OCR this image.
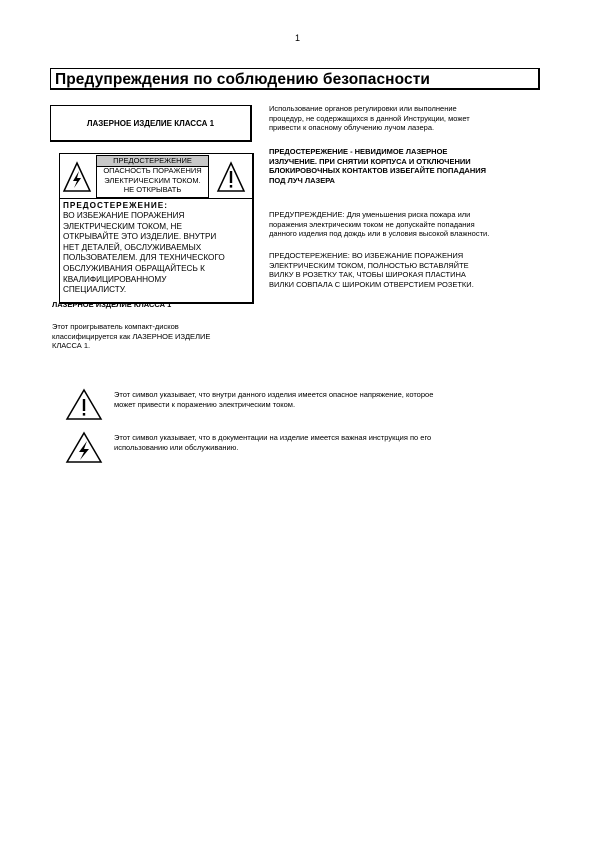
1
Предупреждения по соблюдению безопасности
ЛАЗЕРНОЕ ИЗДЕЛИЕ КЛАССА 1
ПРЕДОСТЕРЕЖЕНИЕ
ОПАСНОСТЬ ПОРАЖЕНИЯ
ЭЛЕКТРИЧЕСКИМ ТОКОМ.
НЕ ОТКРЫВАТЬ
ПРЕДОСТЕРЕЖЕНИЕ:
ВО ИЗБЕЖАНИЕ ПОРАЖЕНИЯ
ЭЛЕКТРИЧЕСКИМ ТОКОМ, НЕ
ОТКРЫВАЙТЕ ЭТО ИЗДЕЛИЕ. ВНУТРИ
НЕТ ДЕТАЛЕЙ, ОБСЛУЖИВАЕМЫХ
ПОЛЬЗОВАТЕЛЕМ. ДЛЯ ТЕХНИЧЕСКОГО
ОБСЛУЖИВАНИЯ ОБРАЩАЙТЕСЬ К
КВАЛИФИЦИРОВАННОМУ
СПЕЦИАЛИСТУ.
ЛАЗЕРНОЕ ИЗДЕЛИЕ КЛАССА 1
Этот проигрыватель компакт-дисков
классифицируется как ЛАЗЕРНОЕ ИЗДЕЛИЕ
КЛАССА 1.
Использование органов регулировки или выполнение
процедур, не содержащихся в данной Инструкции, может
привести к опасному облучению лучом лазера.
ПРЕДОСТЕРЕЖЕНИЕ - НЕВИДИМОЕ ЛАЗЕРНОЕ
ИЗЛУЧЕНИЕ. ПРИ СНЯТИИ КОРПУСА И ОТКЛЮЧЕНИИ
БЛОКИРОВОЧНЫХ КОНТАКТОВ ИЗБЕГАЙТЕ ПОПАДАНИЯ
ПОД ЛУЧ ЛАЗЕРА
ПРЕДУПРЕЖДЕНИЕ: Для уменьшения риска пожара или
поражения электрическим током не допускайте попадания
данного изделия под дождь или в условия высокой влажности.
ПРЕДОСТЕРЕЖЕНИЕ: ВО ИЗБЕЖАНИЕ ПОРАЖЕНИЯ
ЭЛЕКТРИЧЕСКИМ ТОКОМ, ПОЛНОСТЬЮ ВСТАВЛЯЙТЕ
ВИЛКУ В РОЗЕТКУ ТАК, ЧТОБЫ ШИРОКАЯ ПЛАСТИНА
ВИЛКИ СОВПАЛА С ШИРОКИМ ОТВЕРСТИЕМ РОЗЕТКИ.
Этот символ указывает, что внутри данного изделия имеется опасное напряжение, которое
может привести к поражению электрическим током.
Этот символ указывает, что в документации на изделие имеется важная инструкция по его
использованию или обслуживанию.
